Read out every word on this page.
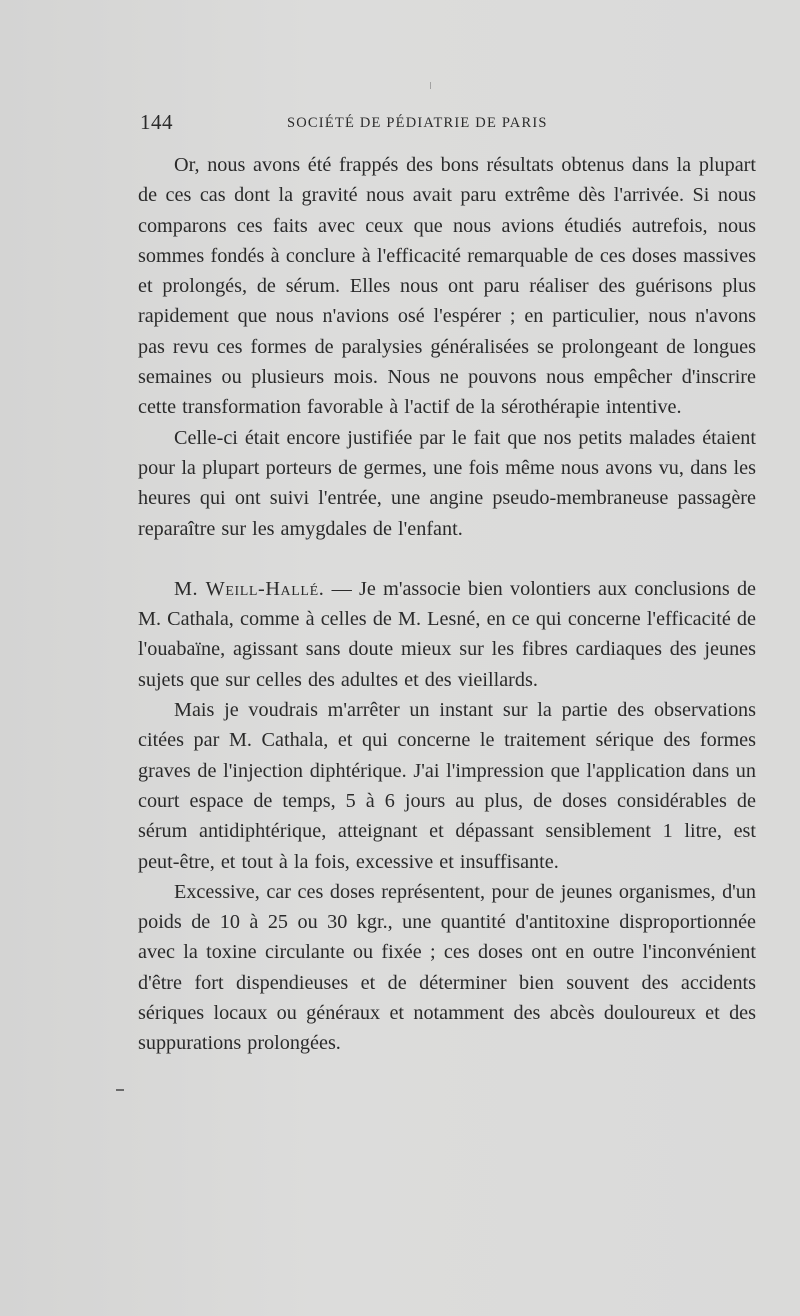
144	SOCIÉTÉ DE PÉDIATRIE DE PARIS

Or, nous avons été frappés des bons résultats obtenus dans la plupart de ces cas dont la gravité nous avait paru extrême dès l'arrivée. Si nous comparons ces faits avec ceux que nous avions étudiés autrefois, nous sommes fondés à conclure à l'efficacité remarquable de ces doses massives et prolongés, de sérum. Elles nous ont paru réaliser des guérisons plus rapidement que nous n'avions osé l'espérer ; en particulier, nous n'avons pas revu ces formes de paralysies généralisées se prolongeant de longues semaines ou plusieurs mois. Nous ne pouvons nous empêcher d'inscrire cette transformation favorable à l'actif de la sérothérapie intentive.

Celle-ci était encore justifiée par le fait que nos petits malades étaient pour la plupart porteurs de germes, une fois même nous avons vu, dans les heures qui ont suivi l'entrée, une angine pseudo-membraneuse passagère reparaître sur les amygdales de l'enfant.

M. Weill-Hallé. — Je m'associe bien volontiers aux conclusions de M. Cathala, comme à celles de M. Lesné, en ce qui concerne l'efficacité de l'ouabaïne, agissant sans doute mieux sur les fibres cardiaques des jeunes sujets que sur celles des adultes et des vieillards.

Mais je voudrais m'arrêter un instant sur la partie des observations citées par M. Cathala, et qui concerne le traitement sérique des formes graves de l'injection diphtérique. J'ai l'impression que l'application dans un court espace de temps, 5 à 6 jours au plus, de doses considérables de sérum antidiphtérique, atteignant et dépassant sensiblement 1 litre, est peut-être, et tout à la fois, excessive et insuffisante.

Excessive, car ces doses représentent, pour de jeunes organismes, d'un poids de 10 à 25 ou 30 kgr., une quantité d'antitoxine disproportionnée avec la toxine circulante ou fixée ; ces doses ont en outre l'inconvénient d'être fort dispendieuses et de déterminer bien souvent des accidents sériques locaux ou généraux et notamment des abcès douloureux et des suppurations prolongées.
